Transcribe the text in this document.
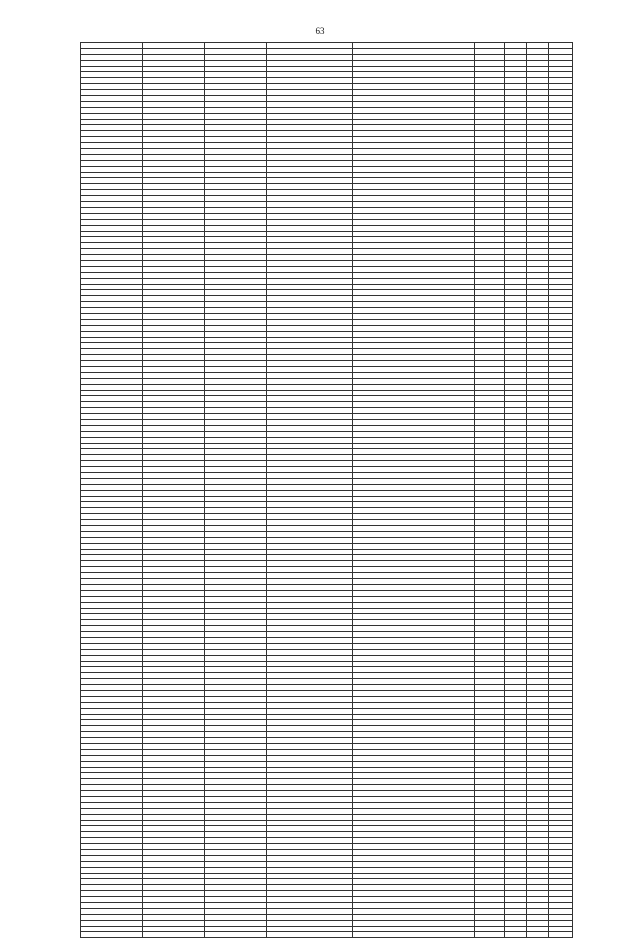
63
